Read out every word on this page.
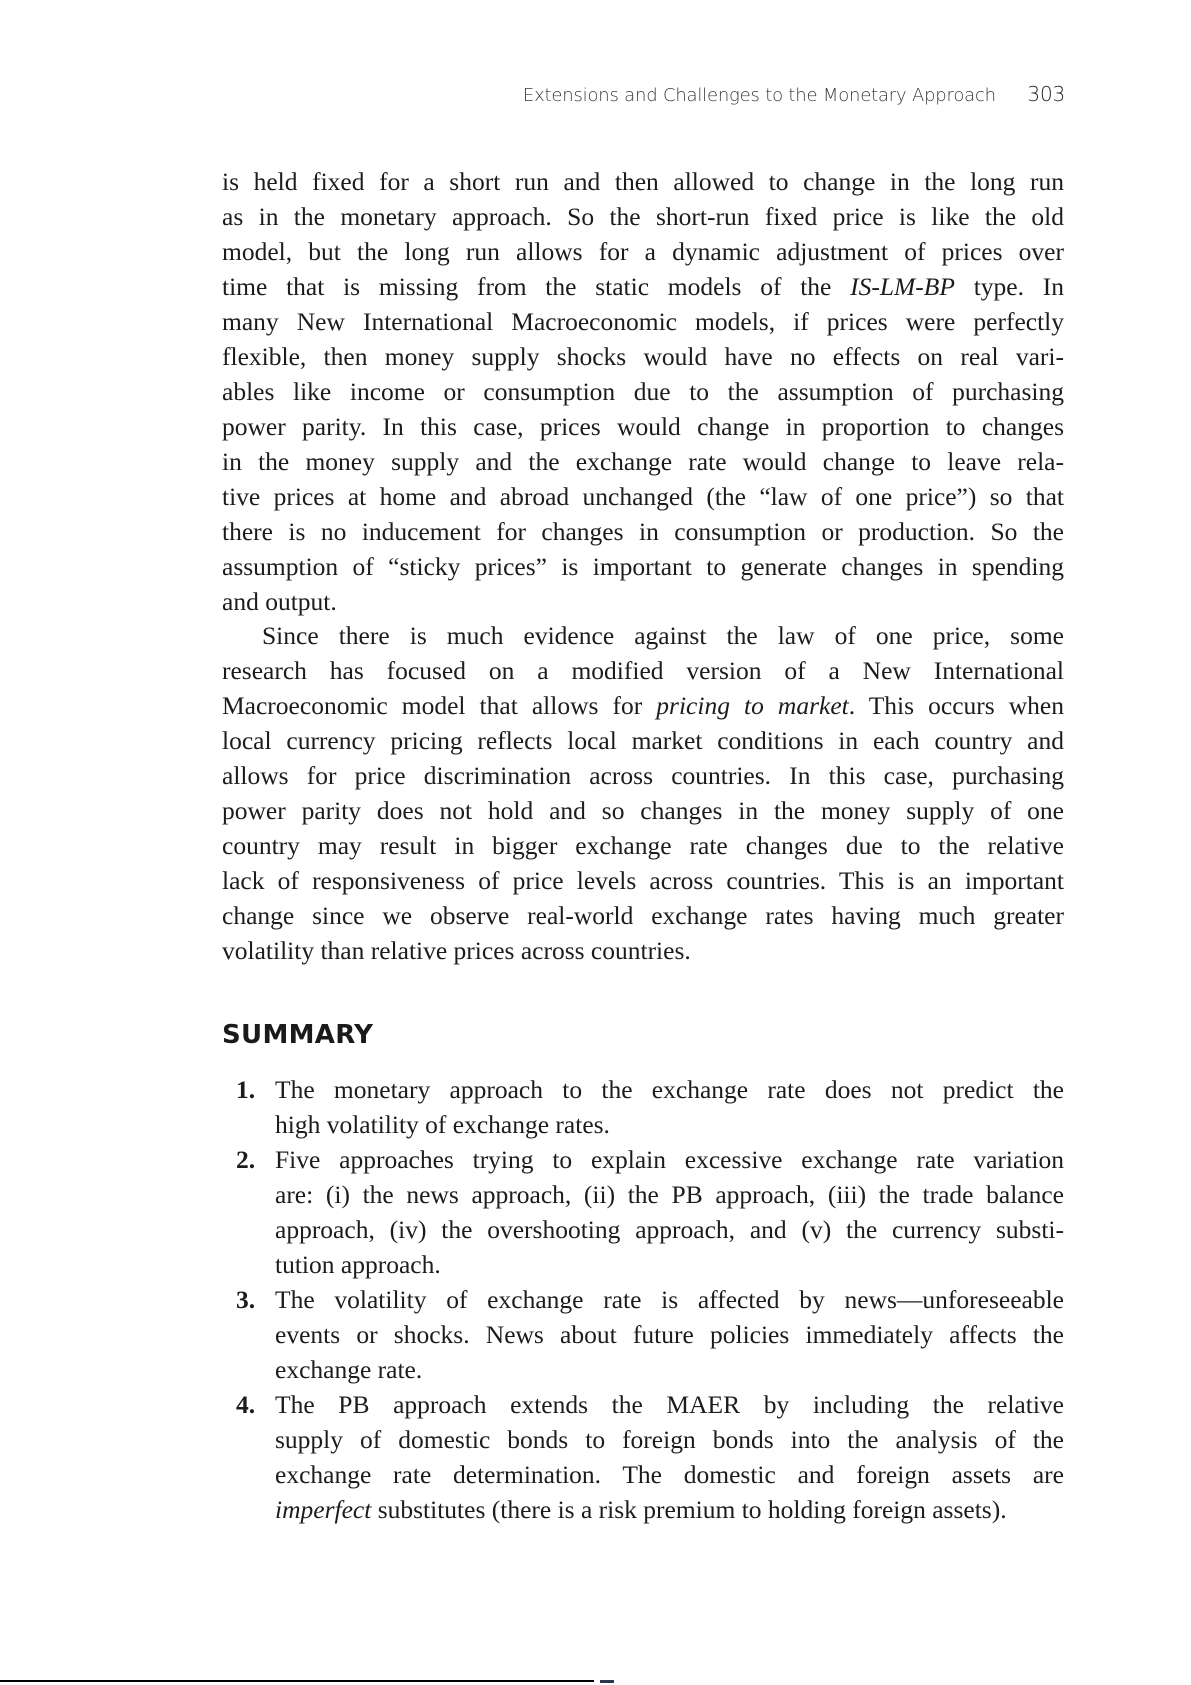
Extensions and Challenges to the Monetary Approach 303
is held fixed for a short run and then allowed to change in the long run
as in the monetary approach. So the short-run fixed price is like the old
model, but the long run allows for a dynamic adjustment of prices over
time that is missing from the static models of the IS-LM-BP type. In
many New International Macroeconomic models, if prices were perfectly
flexible, then money supply shocks would have no effects on real vari-
ables like income or consumption due to the assumption of purchasing
power parity. In this case, prices would change in proportion to changes
in the money supply and the exchange rate would change to leave rela-
tive prices at home and abroad unchanged (the “law of one price”) so that
there is no inducement for changes in consumption or production. So the
assumption of “sticky prices” is important to generate changes in spending
and output.
Since there is much evidence against the law of one price, some
research has focused on a modified version of a New International
Macroeconomic model that allows for pricing to market. This occurs when
local currency pricing reflects local market conditions in each country and
allows for price discrimination across countries. In this case, purchasing
power parity does not hold and so changes in the money supply of one
country may result in bigger exchange rate changes due to the relative
lack of responsiveness of price levels across countries. This is an important
change since we observe real-world exchange rates having much greater
volatility than relative prices across countries.
SUMMARY
1. The monetary approach to the exchange rate does not predict the
high volatility of exchange rates.
2. Five approaches trying to explain excessive exchange rate variation
are: (i) the news approach, (ii) the PB approach, (iii) the trade balance
approach, (iv) the overshooting approach, and (v) the currency substi-
tution approach.
3. The volatility of exchange rate is affected by news—unforeseeable
events or shocks. News about future policies immediately affects the
exchange rate.
4. The PB approach extends the MAER by including the relative
supply of domestic bonds to foreign bonds into the analysis of the
exchange rate determination. The domestic and foreign assets are
imperfect substitutes (there is a risk premium to holding foreign assets).
